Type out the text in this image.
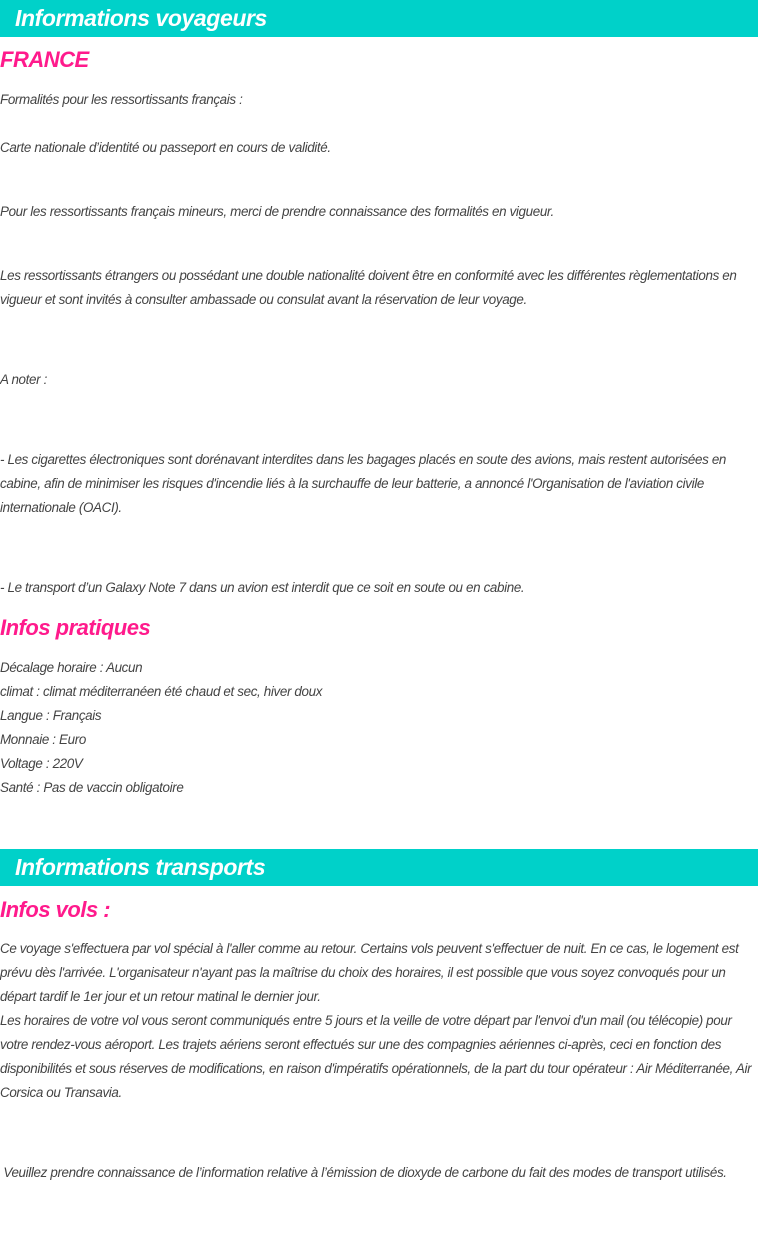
Informations voyageurs
FRANCE

Formalités pour les ressortissants français :

Carte nationale d’identité ou passeport en cours de validité.

Pour les ressortissants français mineurs, merci de prendre connaissance des formalités en vigueur.

Les ressortissants étrangers ou possédant une double nationalité doivent être en conformité avec les différentes règlementations en vigueur et sont invités à consulter ambassade ou consulat avant la réservation de leur voyage.

A noter :

- Les cigarettes électroniques sont dorénavant interdites dans les bagages placés en soute des avions, mais restent autorisées en cabine, afin de minimiser les risques d'incendie liés à la surchauffe de leur batterie, a annoncé l'Organisation de l'aviation civile internationale (OACI).

- Le transport d’un Galaxy Note 7 dans un avion est interdit que ce soit en soute ou en cabine.

Infos pratiques
Décalage horaire : Aucun
climat : climat méditerranéen été chaud et sec, hiver doux
Langue : Français
Monnaie : Euro
Voltage : 220V
Santé : Pas de vaccin obligatoire
Informations transports
Infos vols :
Ce voyage s'effectuera par vol spécial à l'aller comme au retour. Certains vols peuvent s'effectuer de nuit. En ce cas, le logement est prévu dès l'arrivée. L'organisateur n'ayant pas la maîtrise du choix des horaires, il est possible que vous soyez convoqués pour un départ tardif le 1er jour et un retour matinal le dernier jour.
Les horaires de votre vol vous seront communiqués entre 5 jours et la veille de votre départ par l'envoi d'un mail (ou télécopie) pour votre rendez-vous aéroport. Les trajets aériens seront effectués sur une des compagnies aériennes ci-après, ceci en fonction des disponibilités et sous réserves de modifications, en raison d'impératifs opérationnels, de la part du tour opérateur : Air Méditerranée, Air Corsica ou Transavia.

Veuillez prendre connaissance de l’information relative à l’émission de dioxyde de carbone du fait des modes de transport utilisés.
